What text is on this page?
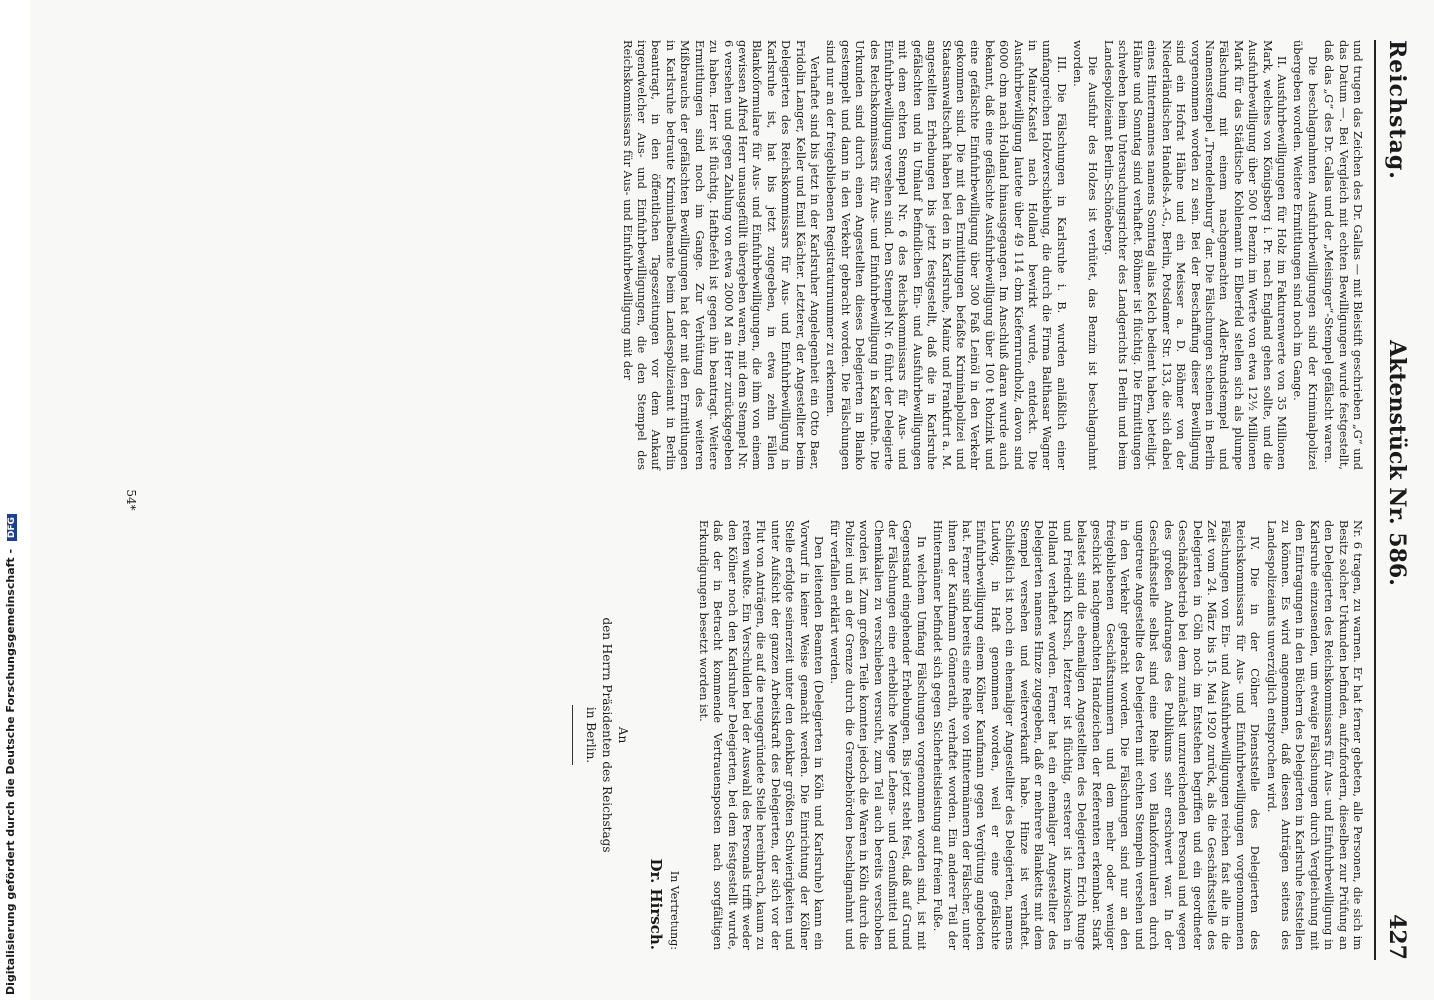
Digitalisierung gefördert durch die Deutsche Forschungsgemeinschaft - DFG
Reichstag.
Aktenstück Nr. 586.
427

und trugen das Zeichen des Dr. Gallas — mit Bleistift geschrieben „G“ und das Datum —. Bei Vergleich mit echten Bewilligungen wurde festgestellt, daß das „G“ des Dr. Gallas und der „Meisinger“-Stempel gefälscht waren.

Die beschlagnahmten Ausfuhrbewilligungen sind der Kriminalpolizei übergeben worden. Weitere Ermittlungen sind noch im Gange.

II. Ausfuhrbewilligungen für Holz im Fakturenwerte von 35 Millionen Mark, welches von Königsberg i. Pr. nach England gehen sollte, und die Ausfuhrbewilligung über 500 t Benzin im Werte von etwa 12½ Millionen Mark für das Städtische Kohlenamt in Elberfeld stellen sich als plumpe Fälschung mit einem nachgemachten Adler-Rundstempel und Namensstempel „Trendelenburg“ dar. Die Fälschungen scheinen in Berlin vorgenommen worden zu sein. Bei der Beschaffung dieser Bewilligung sind ein Hofrat Hähne und ein Meisser a. D. Böhmer von der Niederländischen Handels-A.-G., Berlin, Potsdamer Str. 133, die sich dabei eines Hintermannes namens Sonntag alias Kelch bedient haben, beteiligt. Hähne und Sonntag sind verhaftet. Böhmer ist flüchtig. Die Ermittlungen schweben beim Untersuchungsrichter des Landgerichts I Berlin und beim Landespolizeiamt Berlin-Schöneberg.

Die Ausfuhr des Holzes ist verhütet, das Benzin ist beschlagnahmt worden.

III. Die Fälschungen in Karlsruhe i. B. wurden anläßlich einer umfangreichen Holzverschiebung, die durch die Firma Balthasar Wagner in Mainz-Kastel nach Holland bewirkt wurde, entdeckt. Die Ausfuhrbewilligung lautete über 49 114 cbm Kiefernrundholz, davon sind 6000 cbm nach Holland hinausgegangen. Im Anschluß daran wurde auch bekannt, daß eine gefälschte Ausfuhrbewilligung über 100 t Rohzink und eine gefälschte Einfuhrbewilligung über 300 Faß Leinöl in den Verkehr gekommen sind. Die mit den Ermittlungen befaßte Kriminalpolizei und Staatsanwaltschaft haben bei den in Karlsruhe, Mainz und Frankfurt a. M. angestellten Erhebungen bis jetzt festgestellt, daß die in Karlsruhe gefälschten und in Umlauf befindlichen Ein- und Ausfuhrbewilligungen mit dem echten Stempel Nr. 6 des Reichskommissars für Aus- und Einfuhrbewilligung versehen sind. Den Stempel Nr. 6 führt der Delegierte des Reichskommissars für Aus- und Einfuhrbewilligung in Karlsruhe. Die Urkunden sind durch einen Angestellten dieses Delegierten in Blanko gestempelt und dann in den Verkehr gebracht worden. Die Fälschungen sind nur an der freigebliebenen Registraturnummer zu erkennen.

Verhaftet sind bis jetzt in der Karlsruher Angelegenheit ein Otto Baer, Fridolin Langer, Keller und Emil Kächter. Letzterer, der Angestellter beim Delegierten des Reichskommissars für Aus- und Einfuhrbewilligung in Karlsruhe ist, hat bis jetzt zugegeben, in etwa zehn Fällen Blankoformulare für Aus- und Einfuhrbewilligungen, die ihm von einem gewissen Alfred Herr unausgefüllt übergeben waren, mit dem Stempel Nr. 6 versehen und gegen Zahlung von etwa 2000 M an Herr zurückgegeben zu haben. Herr ist flüchtig. Haftbefehl ist gegen ihn beantragt. Weitere Ermittlungen sind noch im Gange. Zur Verhütung des weiteren Mißbrauchs der gefälschten Bewilligungen hat der mit den Ermittlungen in Karlsruhe betraute Kriminalbeamte beim Landespolizeiamt in Berlin beantragt, in den öffentlichen Tageszeitungen vor dem Ankauf irgendwelcher Aus- und Einfuhrbewilligungen, die den Stempel des Reichskommissars für Aus- und Einfuhrbewilligung mit der

Nr. 6 tragen, zu warnen. Er hat ferner gebeten, alle Personen, die sich im Besitz solcher Urkunden befinden, aufzufordern, dieselben zur Prüfung an den Delegierten des Reichskommissars für Aus- und Einfuhrbewilligung in Karlsruhe einzusenden, um etwaige Fälschungen durch Vergleichung mit den Eintragungen in den Büchern des Delegierten in Karlsruhe feststellen zu können. Es wird angenommen, daß diesen Anträgen seitens des Landespolizeiamts unverzüglich entsprochen wird.

IV. Die in der Cölner Dienststelle des Delegierten des Reichskommissars für Aus- und Einfuhrbewilligungen vorgenommenen Fälschungen von Ein- und Ausfuhrbewilligungen reichen fast alle in die Zeit vom 24. März bis 15. Mai 1920 zurück, als die Geschäftsstelle des Delegierten in Cöln noch im Entstehen begriffen und ein geordneter Geschäftsbetrieb bei dem zunächst unzureichenden Personal und wegen des großen Andranges des Publikums sehr erschwert war. In der Geschäftsstelle selbst sind eine Reihe von Blankoformularen durch ungetreue Angestellte des Delegierten mit echten Stempeln versehen und in den Verkehr gebracht worden. Die Fälschungen sind nur an den freigebliebenen Geschäftsnummern und dem mehr oder weniger geschickt nachgemachten Handzeichen der Referenten erkennbar. Stark belastet sind die ehemaligen Angestellten des Delegierten Erich Runge und Friedrich Kirsch, letzterer ist flüchtig, ersterer ist inzwischen in Holland verhaftet worden. Ferner hat ein ehemaliger Angestellter des Delegierten namens Hinze zugegeben, daß er mehrere Blanketts mit dem Stempel versehen und weiterverkauft habe. Hinze ist verhaftet. Schließlich ist noch ein ehemaliger Angestellter des Delegierten, namens Ludwig, in Haft genommen worden, weil er eine gefälschte Einfuhrbewilligung einem Kölner Kaufmann gegen Vergütung angeboten hat. Ferner sind bereits eine Reihe von Hintermännern der Fälscher, unter ihnen der Kaufmann Gönnerath, verhaftet worden. Ein anderer Teil der Hintermänner befindet sich gegen Sicherheitsleistung auf freiem Fuße.

In welchem Umfang Fälschungen vorgenommen worden sind, ist mit Gegenstand eingehender Erhebungen. Bis jetzt steht fest, daß auf Grund der Fälschungen eine erhebliche Menge Lebens- und Genußmittel und Chemikalien zu verschieben versucht, zum Teil auch bereits verschoben worden ist. Zum großen Teile konnten jedoch die Waren in Köln durch die Polizei und an der Grenze durch die Grenzbehörden beschlagnahmt und für verfallen erklärt werden.

Den leitenden Beamten (Delegierten in Köln und Karlsruhe) kann ein Vorwurf in keiner Weise gemacht werden. Die Einrichtung der Kölner Stelle erfolgte seinerzeit unter den denkbar größten Schwierigkeiten und unter Aufsicht der ganzen Arbeitskraft des Delegierten, der sich vor der Flut von Anträgen, die auf die neugegründete Stelle hereinbrach, kaum zu retten wußte. Ein Verschulden bei der Auswahl des Personals trifft weder den Kölner noch den Karlsruher Delegierten, bei dem festgestellt wurde, daß der in Betracht kommende Vertrauensposten nach sorgfältigen Erkundigungen besetzt worden ist.

In Vertretung:
Dr. Hirsch.
An
den Herrn Präsidenten des Reichstags
in Berlin.
54*
